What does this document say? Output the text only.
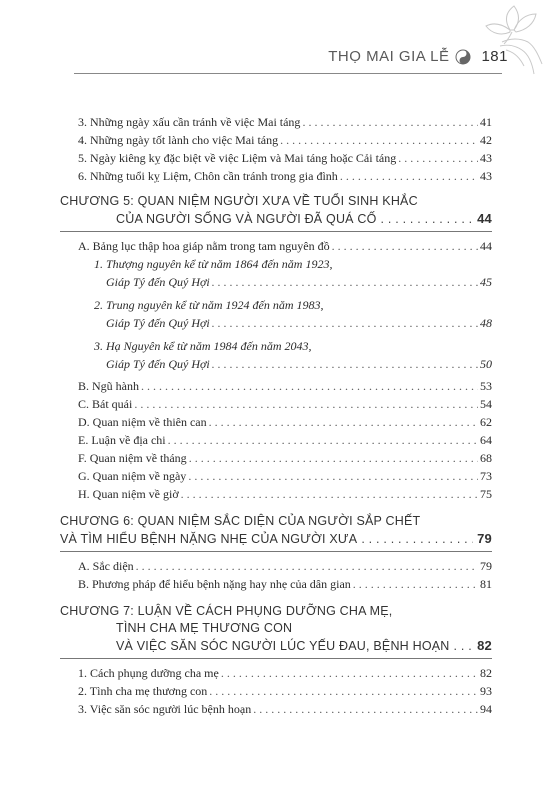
THỌ MAI GIA LỄ 181
3. Những ngày xấu cần tránh về việc Mai táng . . .	41
4. Những ngày tốt lành cho việc Mai táng . . .	42
5. Ngày kiêng kỵ đặc biệt về việc Liệm và Mai táng hoặc Cải táng . . .	43
6. Những tuổi kỵ Liệm, Chôn cần tránh trong gia đình . . .	43
CHƯƠNG 5: QUAN NIỆM NGƯỜI XƯA VỀ TUỔI SINH KHẮC
CỦA NGƯỜI SỐNG VÀ NGƯỜI ĐÃ QUÁ CỐ . . .	44
A. Bảng lục thập hoa giáp nằm trong tam nguyên đồ . . .	44
1. Thượng nguyên kể từ năm 1864 đến năm 1923,
Giáp Tý đến Quý Hợi . . .	45
2. Trung nguyên kể từ năm 1924 đến năm 1983,
Giáp Tý đến Quý Hợi . . .	48
3. Hạ Nguyên kể từ năm 1984 đến năm 2043,
Giáp Tý đến Quý Hợi . . .	50
B. Ngũ hành . . .	53
C. Bát quái . . .	54
D. Quan niệm về thiên can . . .	62
E. Luận về địa chi . . .	64
F. Quan niệm về tháng . . .	68
G. Quan niệm về ngày . . .	73
H. Quan niệm về giờ . . .	75
CHƯƠNG 6: QUAN NIỆM SẮC DIỆN CỦA NGƯỜI SẮP CHẾT
VÀ TÌM HIỂU BỆNH NẶNG NHẸ CỦA NGƯỜI XƯA . . .	79
A. Sắc diện . . .	79
B. Phương pháp để hiểu bệnh nặng hay nhẹ của dân gian . . .	81
CHƯƠNG 7: LUẬN VỀ CÁCH PHỤNG DƯỠNG CHA MẸ,
TÌNH CHA MẸ THƯƠNG CON
VÀ VIỆC SĂN SÓC NGƯỜI LÚC YẾU ĐAU, BỆNH HOẠN . . . 82
1. Cách phụng dưỡng cha mẹ . . .	82
2. Tình cha mẹ thương con . . .	93
3. Việc săn sóc người lúc bệnh hoạn . . .	94
